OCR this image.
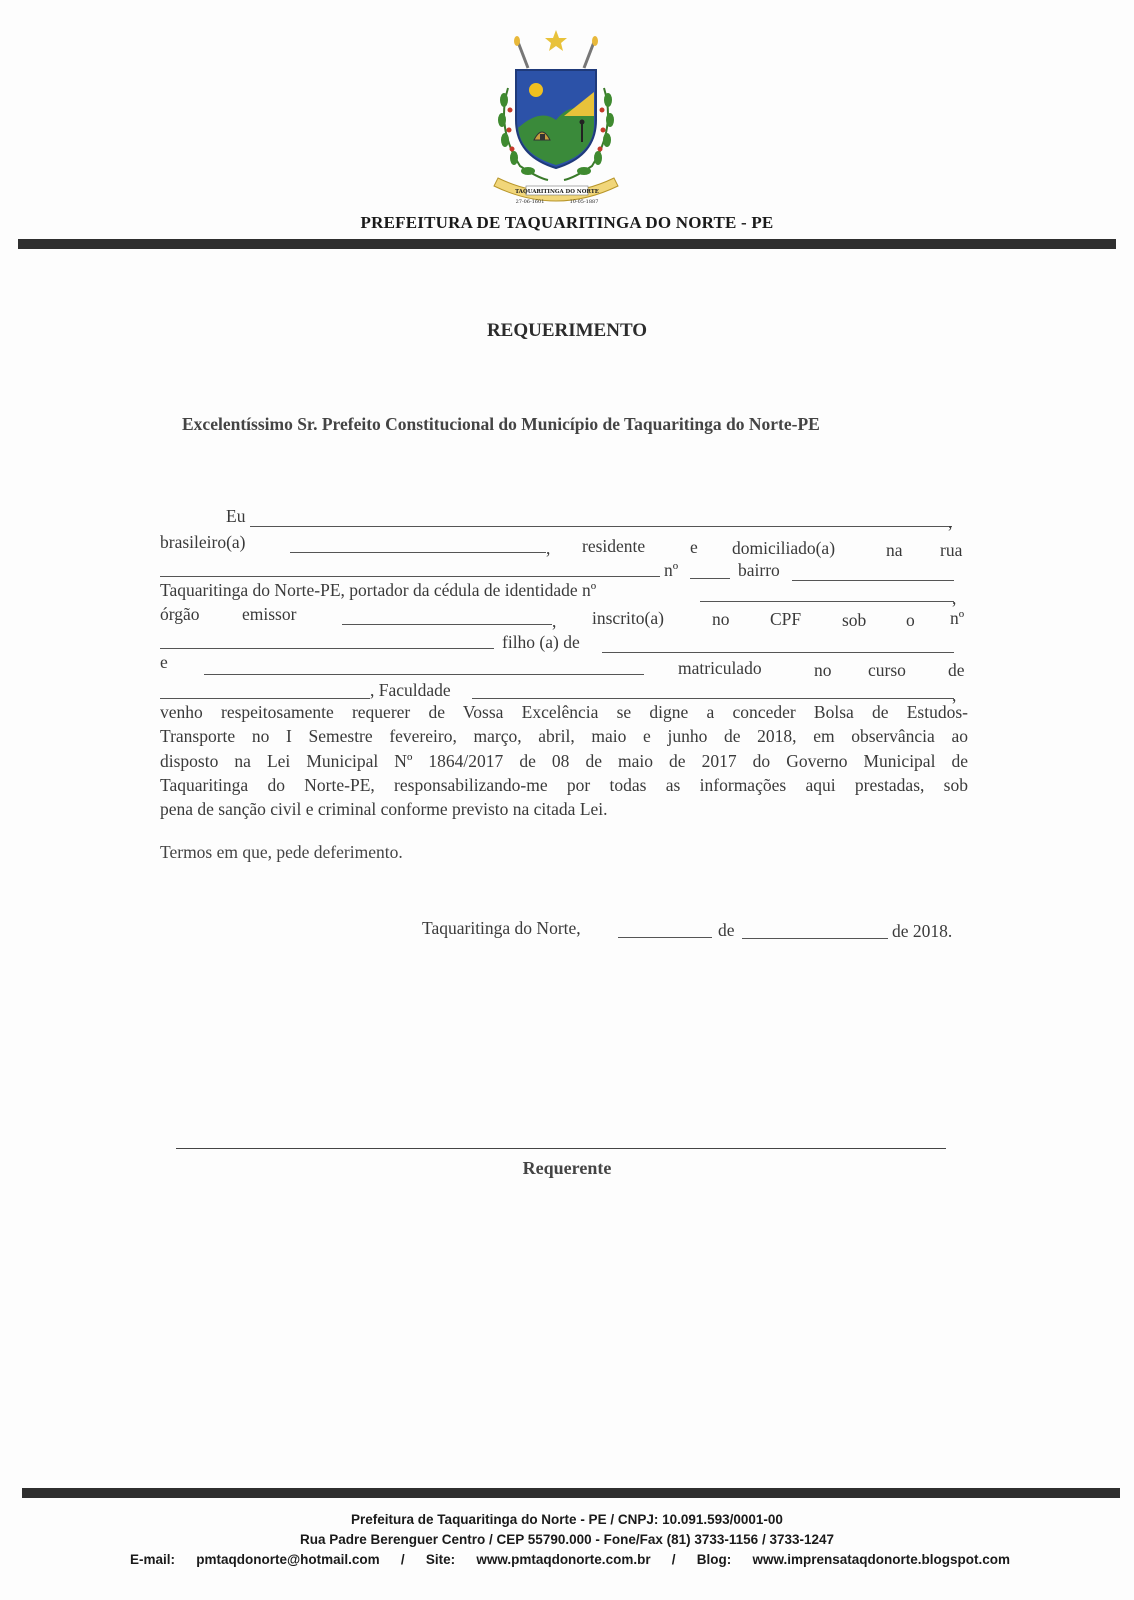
TAQUARITINGA DO NORTE
27-06-1601	10-05-1887
PREFEITURA DE TAQUARITINGA DO NORTE - PE
REQUERIMENTO
Excelentíssimo Sr. Prefeito Constitucional do Município de Taquaritinga do Norte-PE
Eu	,
brasileiro(a)	, residente	e domiciliado(a)	na rua
nº	bairro
Taquaritinga do Norte-PE, portador da cédula de identidade nº	,
órgão emissor	, inscrito(a)	no CPF sob o nº
filho (a) de
e	matriculado	no curso de
, Faculdade	,
venho respeitosamente requerer de Vossa Excelência se digne a conceder Bolsa de Estudos-
Transporte no I Semestre fevereiro, março, abril, maio e junho de 2018, em observância ao
disposto na Lei Municipal Nº 1864/2017 de 08 de maio de 2017 do Governo Municipal de
Taquaritinga do Norte-PE, responsabilizando-me por todas as informações aqui prestadas, sob
pena de sanção civil e criminal conforme previsto na citada Lei.
Termos em que, pede deferimento.
Taquaritinga do Norte,	de	de 2018.
Requerente
Prefeitura de Taquaritinga do Norte - PE / CNPJ: 10.091.593/0001-00
Rua Padre Berenguer Centro / CEP 55790.000 - Fone/Fax (81) 3733-1156 / 3733-1247
E-mail: pmtaqdonorte@hotmail.com / Site: www.pmtaqdonorte.com.br / Blog: www.imprensataqdonorte.blogspot.com
